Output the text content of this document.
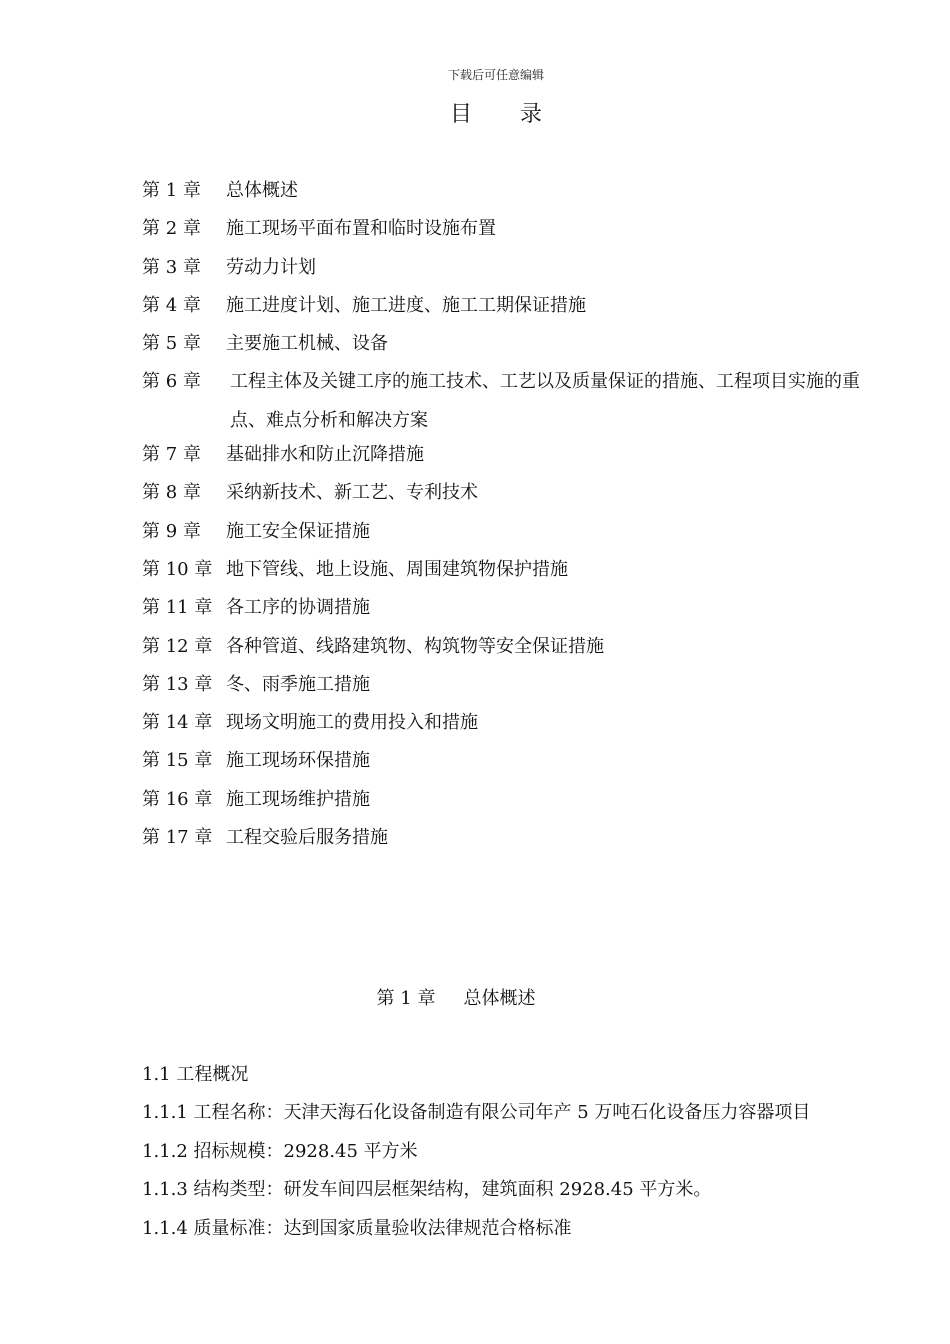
下载后可任意编辑
目 录
第 1 章	总体概述
第 2 章	施工现场平面布置和临时设施布置
第 3 章	劳动力计划
第 4 章	施工进度计划、施工进度、施工工期保证措施
第 5 章	主要施工机械、设备
第 6 章	工程主体及关键工序的施工技术、工艺以及质量保证的措施、工程项目实施的重点、难点分析和解决方案
第 7 章	基础排水和防止沉降措施
第 8 章	采纳新技术、新工艺、专利技术
第 9 章	施工安全保证措施
第 10 章 地下管线、地上设施、周围建筑物保护措施
第 11 章 各工序的协调措施
第 12 章 各种管道、线路建筑物、构筑物等安全保证措施
第 13 章 冬、雨季施工措施
第 14 章 现场文明施工的费用投入和措施
第 15 章 施工现场环保措施
第 16 章 施工现场维护措施
第 17 章 工程交验后服务措施
第 1 章 总体概述
1.1 工程概况
1.1.1 工程名称：天津天海石化设备制造有限公司年产 5 万吨石化设备压力容器项目
1.1.2 招标规模：2928.45 平方米
1.1.3 结构类型：研发车间四层框架结构，建筑面积 2928.45 平方米。
1.1.4 质量标准：达到国家质量验收法律规范合格标准
